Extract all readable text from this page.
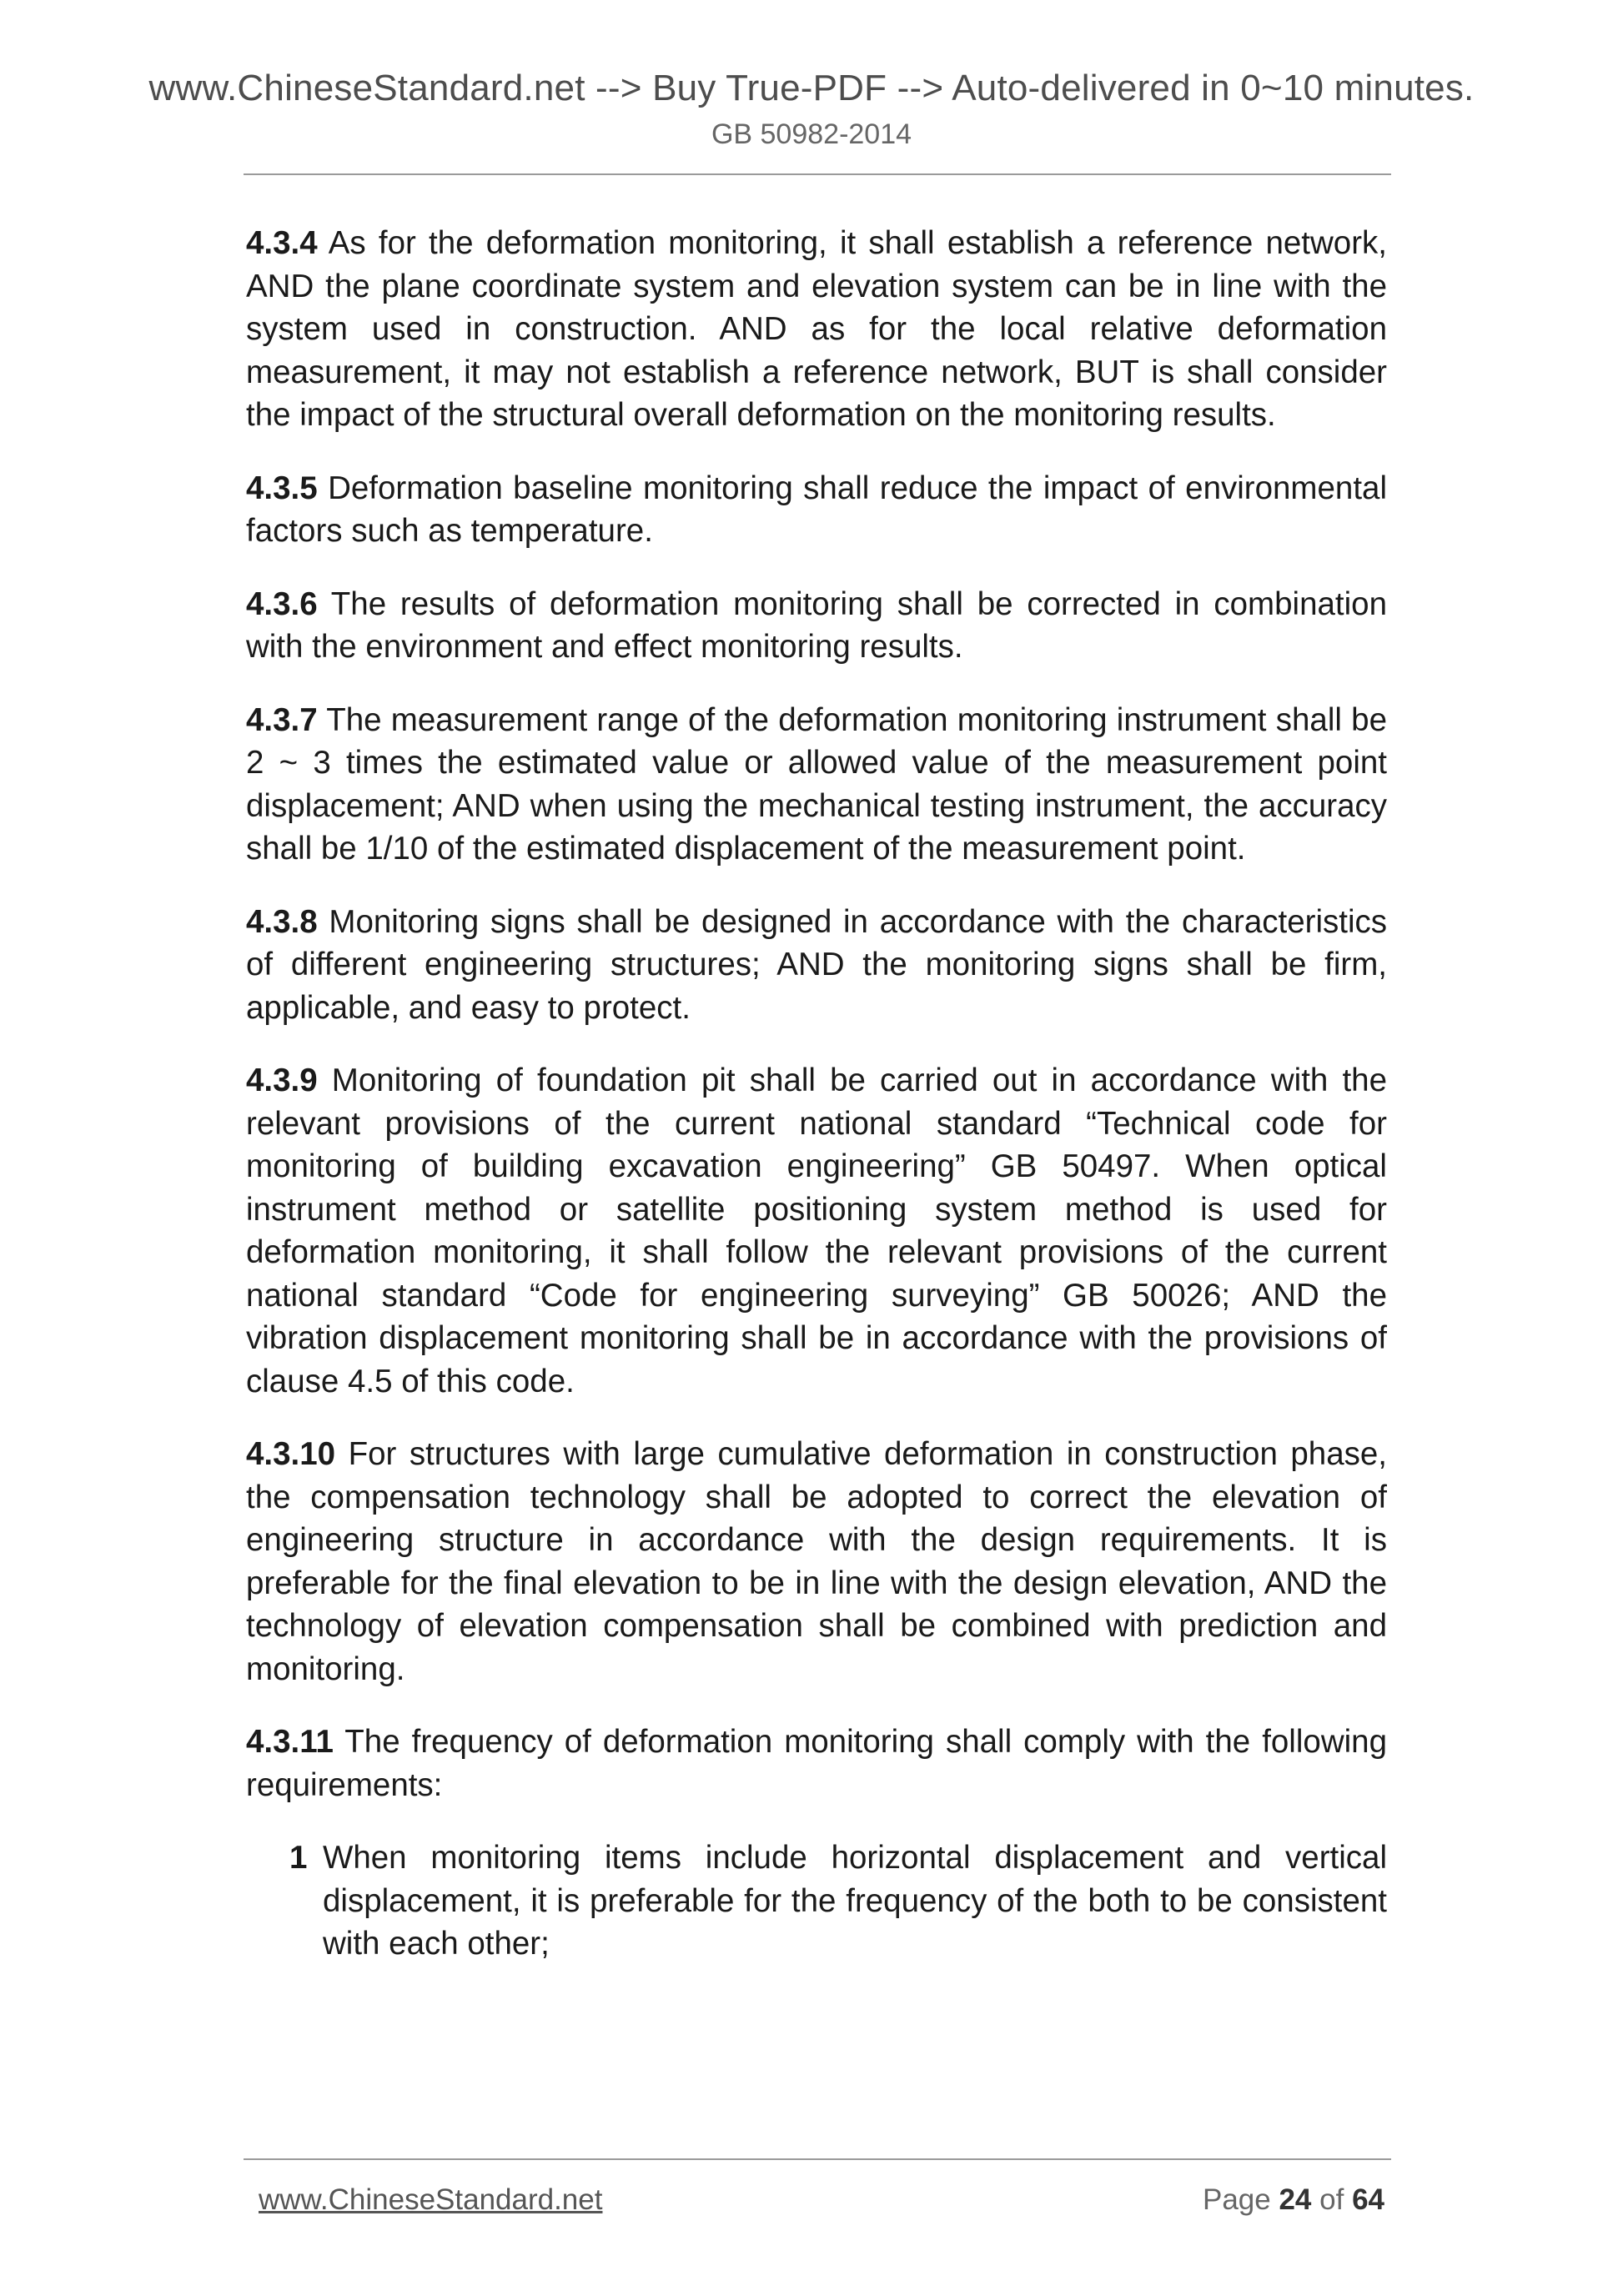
www.ChineseStandard.net --> Buy True-PDF --> Auto-delivered in 0~10 minutes.
GB 50982-2014

4.3.4 As for the deformation monitoring, it shall establish a reference network, AND the plane coordinate system and elevation system can be in line with the system used in construction. AND as for the local relative deformation measurement, it may not establish a reference network, BUT is shall consider the impact of the structural overall deformation on the monitoring results.

4.3.5 Deformation baseline monitoring shall reduce the impact of environmental factors such as temperature.

4.3.6 The results of deformation monitoring shall be corrected in combination with the environment and effect monitoring results.

4.3.7 The measurement range of the deformation monitoring instrument shall be 2 ~ 3 times the estimated value or allowed value of the measurement point displacement; AND when using the mechanical testing instrument, the accuracy shall be 1/10 of the estimated displacement of the measurement point.

4.3.8 Monitoring signs shall be designed in accordance with the characteristics of different engineering structures; AND the monitoring signs shall be firm, applicable, and easy to protect.

4.3.9 Monitoring of foundation pit shall be carried out in accordance with the relevant provisions of the current national standard “Technical code for monitoring of building excavation engineering” GB 50497. When optical instrument method or satellite positioning system method is used for deformation monitoring, it shall follow the relevant provisions of the current national standard “Code for engineering surveying” GB 50026; AND the vibration displacement monitoring shall be in accordance with the provisions of clause 4.5 of this code.

4.3.10 For structures with large cumulative deformation in construction phase, the compensation technology shall be adopted to correct the elevation of engineering structure in accordance with the design requirements. It is preferable for the final elevation to be in line with the design elevation, AND the technology of elevation compensation shall be combined with prediction and monitoring.

4.3.11 The frequency of deformation monitoring shall comply with the following requirements:

1 When monitoring items include horizontal displacement and vertical displacement, it is preferable for the frequency of the both to be consistent with each other;

www.ChineseStandard.net	Page 24 of 64
